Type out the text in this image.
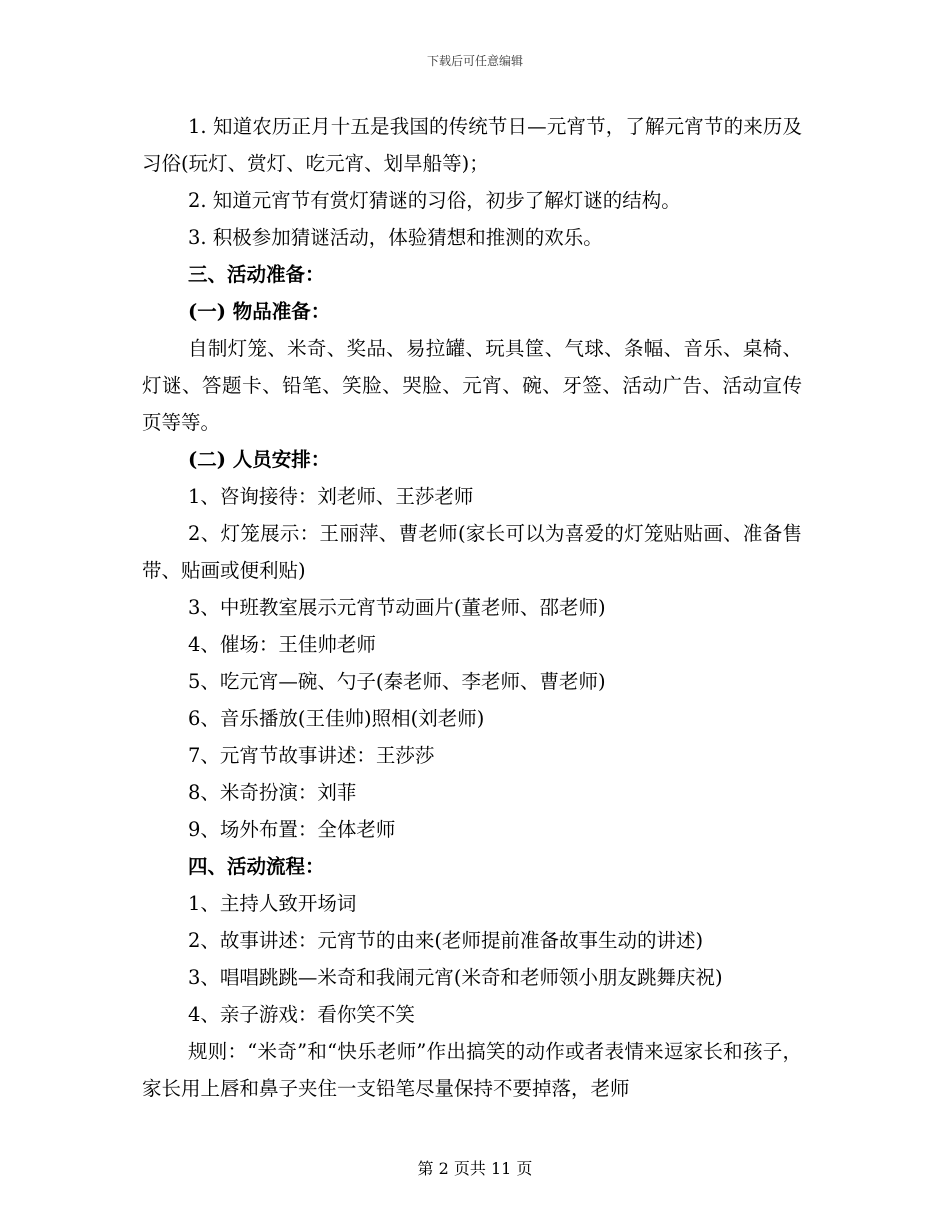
下载后可任意编辑

1. 知道农历正月十五是我国的传统节日—元宵节，了解元宵节的来历及习俗(玩灯、赏灯、吃元宵、划旱船等)；

2. 知道元宵节有赏灯猜谜的习俗，初步了解灯谜的结构。

3. 积极参加猜谜活动，体验猜想和推测的欢乐。

三、活动准备：

(一) 物品准备：

自制灯笼、米奇、奖品、易拉罐、玩具筐、气球、条幅、音乐、桌椅、灯谜、答题卡、铅笔、笑脸、哭脸、元宵、碗、牙签、活动广告、活动宣传页等等。

(二) 人员安排：

1、咨询接待：刘老师、王莎老师

2、灯笼展示：王丽萍、曹老师(家长可以为喜爱的灯笼贴贴画、准备售带、贴画或便利贴)

3、中班教室展示元宵节动画片(董老师、邵老师)

4、催场：王佳帅老师

5、吃元宵—碗、勺子(秦老师、李老师、曹老师)

6、音乐播放(王佳帅)照相(刘老师)

7、元宵节故事讲述：王莎莎

8、米奇扮演：刘菲

9、场外布置：全体老师

四、活动流程：

1、主持人致开场词

2、故事讲述：元宵节的由来(老师提前准备故事生动的讲述)

3、唱唱跳跳—米奇和我闹元宵(米奇和老师领小朋友跳舞庆祝)

4、亲子游戏：看你笑不笑

规则：“米奇”和“快乐老师”作出搞笑的动作或者表情来逗家长和孩子，家长用上唇和鼻子夹住一支铅笔尽量保持不要掉落，老师

第 2 页共 11 页
